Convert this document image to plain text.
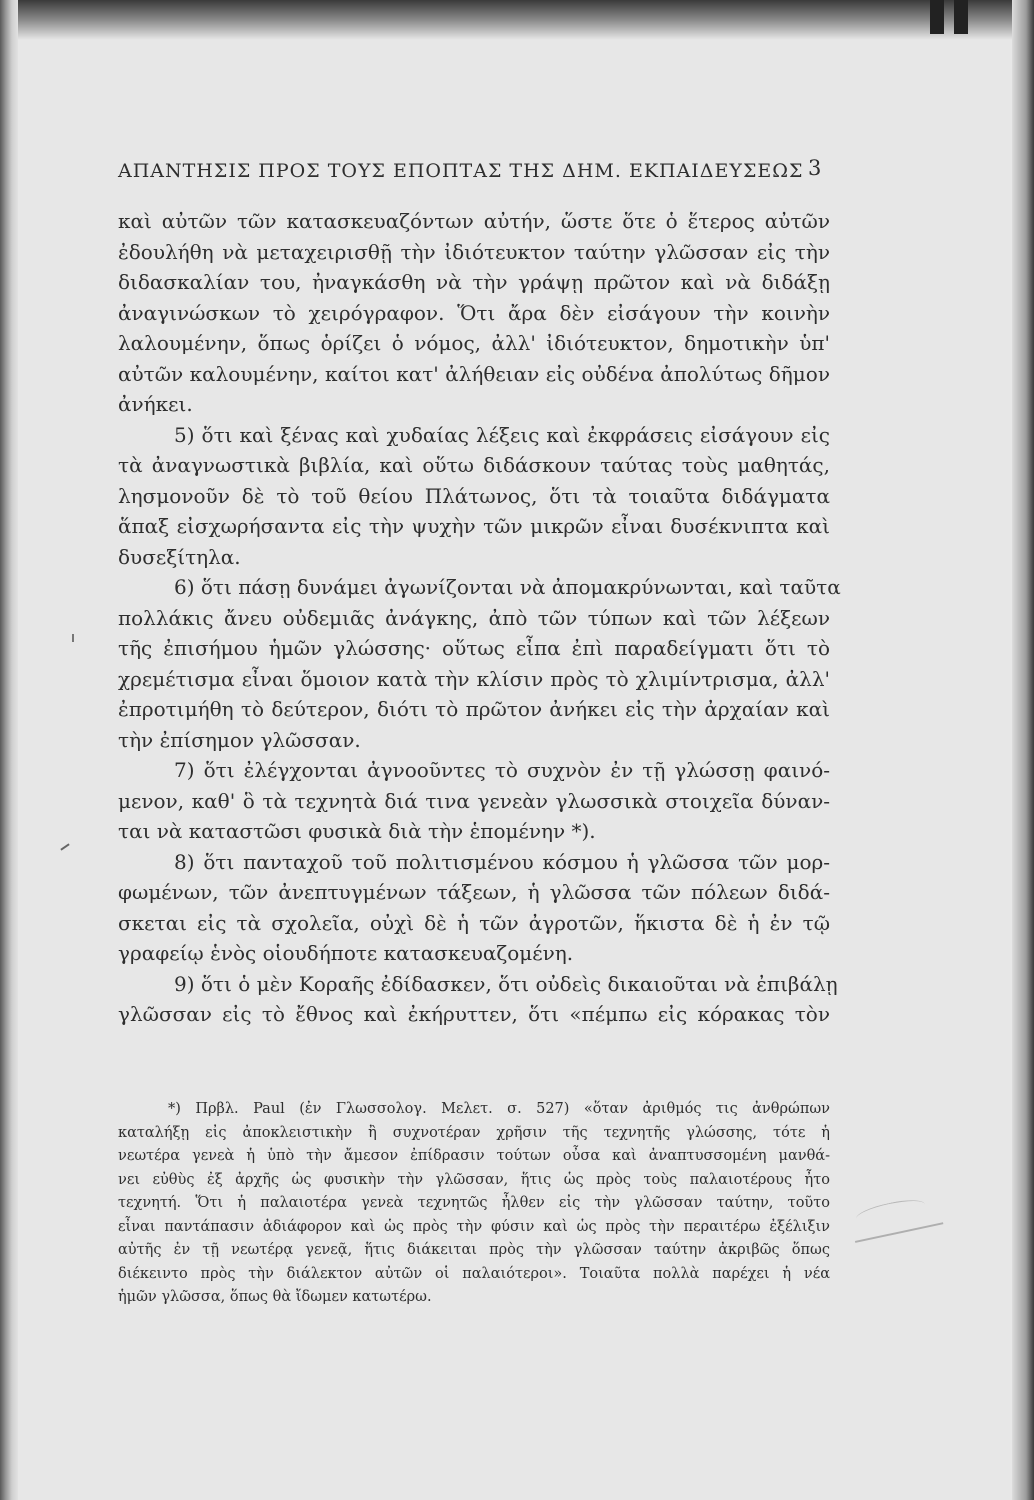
ΑΠΑΝΤΗΣΙΣ ΠΡΟΣ ΤΟΥΣ ΕΠΟΠΤΑΣ ΤΗΣ ΔΗΜ. ΕΚΠΑΙΔΕΥΣΕΩΣ 3
καὶ αὐτῶν τῶν κατασκευαζόντων αὐτήν, ὥστε ὅτε ὁ ἕτερος αὐτῶν
ἐδουλήθη νὰ μεταχειρισθῇ τὴν ἰδιότευκτον ταύτην γλῶσσαν εἰς τὴν
διδασκαλίαν του, ἠναγκάσθη νὰ τὴν γράψῃ πρῶτον καὶ νὰ διδάξῃ
ἀναγινώσκων τὸ χειρόγραφον. Ὅτι ἄρα δὲν εἰσάγουν τὴν κοινὴν
λαλουμένην, ὅπως ὁρίζει ὁ νόμος, ἀλλ' ἰδιότευκτον, δημοτικὴν ὑπ'
αὐτῶν καλουμένην, καίτοι κατ' ἀλήθειαν εἰς οὐδένα ἀπολύτως δῆμον
ἀνήκει.
5) ὅτι καὶ ξένας καὶ χυδαίας λέξεις καὶ ἐκφράσεις εἰσάγουν εἰς
τὰ ἀναγνωστικὰ βιβλία, καὶ οὕτω διδάσκουν ταύτας τοὺς μαθητάς,
λησμονοῦν δὲ τὸ τοῦ θείου Πλάτωνος, ὅτι τὰ τοιαῦτα διδάγματα
ἅπαξ εἰσχωρήσαντα εἰς τὴν ψυχὴν τῶν μικρῶν εἶναι δυσέκνιπτα καὶ
δυσεξίτηλα.
6) ὅτι πάσῃ δυνάμει ἀγωνίζονται νὰ ἀπομακρύνωνται, καὶ ταῦτα
πολλάκις ἄνευ οὐδεμιᾶς ἀνάγκης, ἀπὸ τῶν τύπων καὶ τῶν λέξεων
τῆς ἐπισήμου ἡμῶν γλώσσης· οὕτως εἶπα ἐπὶ παραδείγματι ὅτι τὸ
χρεμέτισμα εἶναι ὅμοιον κατὰ τὴν κλίσιν πρὸς τὸ χλιμίντρισμα, ἀλλ'
ἐπροτιμήθη τὸ δεύτερον, διότι τὸ πρῶτον ἀνήκει εἰς τὴν ἀρχαίαν καὶ
τὴν ἐπίσημον γλῶσσαν.
7) ὅτι ἐλέγχονται ἀγνοοῦντες τὸ συχνὸν ἐν τῇ γλώσσῃ φαινό-
μενον, καθ' ὃ τὰ τεχνητὰ διά τινα γενεὰν γλωσσικὰ στοιχεῖα δύναν-
ται νὰ καταστῶσι φυσικὰ διὰ τὴν ἑπομένην *).
8) ὅτι πανταχοῦ τοῦ πολιτισμένου κόσμου ἡ γλῶσσα τῶν μορ-
φωμένων, τῶν ἀνεπτυγμένων τάξεων, ἡ γλῶσσα τῶν πόλεων διδά-
σκεται εἰς τὰ σχολεῖα, οὐχὶ δὲ ἡ τῶν ἀγροτῶν, ἥκιστα δὲ ἡ ἐν τῷ
γραφείῳ ἑνὸς οἱουδήποτε κατασκευαζομένη.
9) ὅτι ὁ μὲν Κοραῆς ἐδίδασκεν, ὅτι οὐδεὶς δικαιοῦται νὰ ἐπιβάλῃ
γλῶσσαν εἰς τὸ ἔθνος καὶ ἐκήρυττεν, ὅτι «πέμπω εἰς κόρακας τὸν
*) Πρβλ. Paul (ἐν Γλωσσολογ. Μελετ. σ. 527) «ὅταν ἀριθμός τις ἀνθρώπων
καταλήξῃ εἰς ἀποκλειστικὴν ἢ συχνοτέραν χρῆσιν τῆς τεχνητῆς γλώσσης, τότε ἡ
νεωτέρα γενεὰ ἡ ὑπὸ τὴν ἄμεσον ἐπίδρασιν τούτων οὖσα καὶ ἀναπτυσσομένη μανθά-
νει εὐθὺς ἐξ ἀρχῆς ὡς φυσικὴν τὴν γλῶσσαν, ἥτις ὡς πρὸς τοὺς παλαιοτέρους ἦτο
τεχνητή. Ὅτι ἡ παλαιοτέρα γενεὰ τεχνητῶς ἦλθεν εἰς τὴν γλῶσσαν ταύτην, τοῦτο
εἶναι παντάπασιν ἀδιάφορον καὶ ὡς πρὸς τὴν φύσιν καὶ ὡς πρὸς τὴν περαιτέρω ἐξέλιξιν
αὐτῆς ἐν τῇ νεωτέρᾳ γενεᾷ, ἥτις διάκειται πρὸς τὴν γλῶσσαν ταύτην ἀκριβῶς ὅπως
διέκειντο πρὸς τὴν διάλεκτον αὐτῶν οἱ παλαιότεροι». Τοιαῦτα πολλὰ παρέχει ἡ νέα
ἡμῶν γλῶσσα, ὅπως θὰ ἴδωμεν κατωτέρω.
